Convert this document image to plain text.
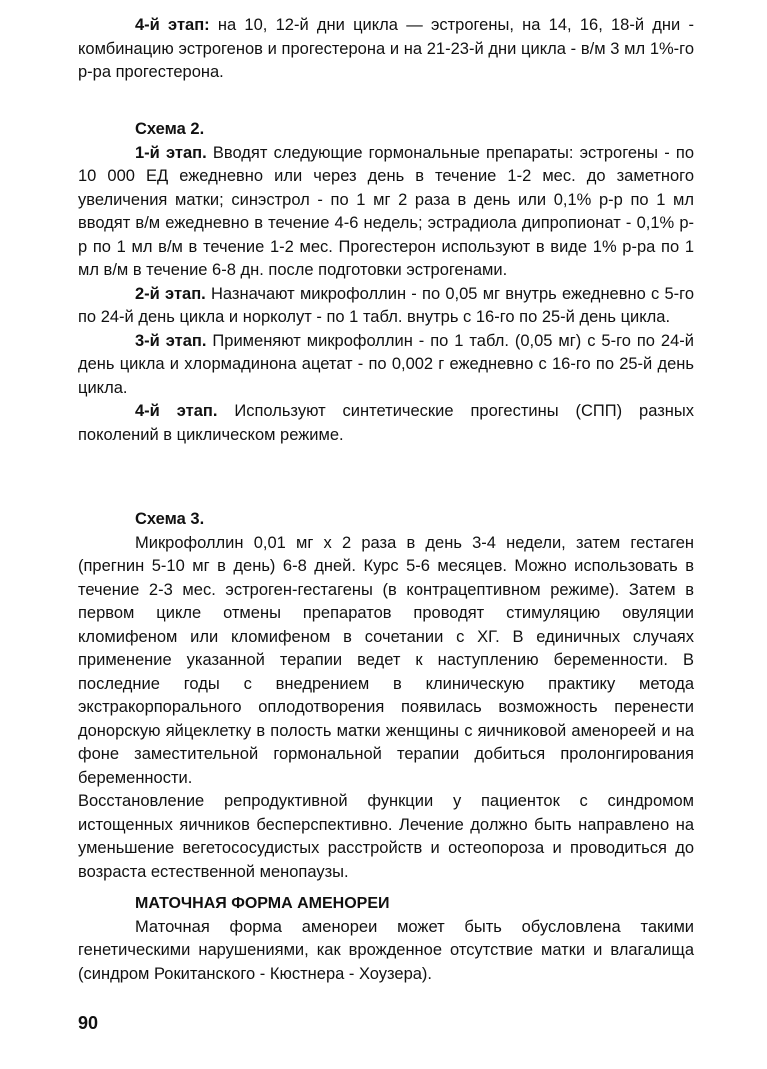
4-й этап: на 10, 12-й дни цикла — эстрогены, на 14, 16, 18-й дни - комбинацию эстрогенов и прогестерона и на 21-23-й дни цикла - в/м 3 мл 1%-го р-ра прогестерона.

Схема 2.

1-й этап. Вводят следующие гормональные препараты: эстрогены - по 10 000 ЕД ежедневно или через день в течение 1-2 мес. до заметного увеличения матки; синэстрол - по 1 мг 2 раза в день или 0,1% р-р по 1 мл вводят в/м ежедневно в течение 4-6 недель; эстрадиола дипропионат - 0,1% р-р по 1 мл в/м в течение 1-2 мес. Прогестерон используют в виде 1% р-ра по 1 мл в/м в течение 6-8 дн. после подготовки эстрогенами.

2-й этап. Назначают микрофоллин - по 0,05 мг внутрь ежедневно с 5-го по 24-й день цикла и норколут - по 1 табл. внутрь с 16-го по 25-й день цикла.

3-й этап. Применяют микрофоллин - по 1 табл. (0,05 мг) с 5-го по 24-й день цикла и хлормадинона ацетат - по 0,002 г ежедневно с 16-го по 25-й день цикла.

4-й этап. Используют синтетические прогестины (СПП) разных поколений в циклическом режиме.

Схема 3.

Микрофоллин 0,01 мг х 2 раза в день 3-4 недели, затем гестаген (прегнин 5-10 мг в день) 6-8 дней. Курс 5-6 месяцев. Можно использовать в течение 2-3 мес. эстроген-гестагены (в контрацептивном режиме). Затем в первом цикле отмены препаратов проводят стимуляцию овуляции кломифеном или кломифеном в сочетании с ХГ. В единичных случаях применение указанной терапии ведет к наступлению беременности. В последние годы с внедрением в клиническую практику метода экстракорпорального оплодотворения появилась возможность перенести донорскую яйцеклетку в полость матки женщины с яичниковой аменореей и на фоне заместительной гормональной терапии добиться пролонгирования беременности.

Восстановление репродуктивной функции у пациенток с синдромом истощенных яичников бесперспективно. Лечение должно быть направлено на уменьшение вегетососудистых расстройств и остеопороза и проводиться до возраста естественной менопаузы.

МАТОЧНАЯ ФОРМА АМЕНОРЕИ

Маточная форма аменореи может быть обусловлена такими генетическими нарушениями, как врожденное отсутствие матки и влагалища (синдром Рокитанского - Кюстнера - Хоузера).

90
